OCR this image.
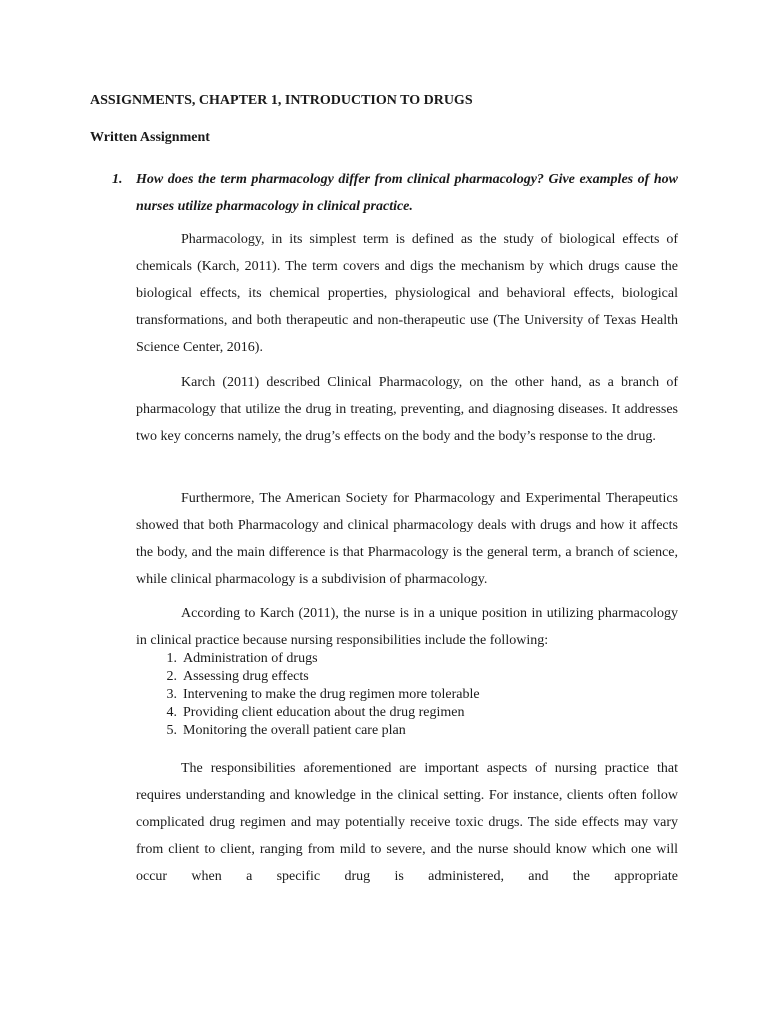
ASSIGNMENTS, CHAPTER 1, INTRODUCTION TO DRUGS
Written Assignment
1. How does the term pharmacology differ from clinical pharmacology? Give examples of how nurses utilize pharmacology in clinical practice.

Pharmacology, in its simplest term is defined as the study of biological effects of chemicals (Karch, 2011). The term covers and digs the mechanism by which drugs cause the biological effects, its chemical properties, physiological and behavioral effects, biological transformations, and both therapeutic and non-therapeutic use (The University of Texas Health Science Center, 2016).

Karch (2011) described Clinical Pharmacology, on the other hand, as a branch of pharmacology that utilize the drug in treating, preventing, and diagnosing diseases. It addresses two key concerns namely, the drug’s effects on the body and the body’s response to the drug.

Furthermore, The American Society for Pharmacology and Experimental Therapeutics showed that both Pharmacology and clinical pharmacology deals with drugs and how it affects the body, and the main difference is that Pharmacology is the general term, a branch of science, while clinical pharmacology is a subdivision of pharmacology.

According to Karch (2011), the nurse is in a unique position in utilizing pharmacology in clinical practice because nursing responsibilities include the following:

1. Administration of drugs
2. Assessing drug effects
3. Intervening to make the drug regimen more tolerable
4. Providing client education about the drug regimen
5. Monitoring the overall patient care plan

The responsibilities aforementioned are important aspects of nursing practice that requires understanding and knowledge in the clinical setting. For instance, clients often follow complicated drug regimen and may potentially receive toxic drugs. The side effects may vary from client to client, ranging from mild to severe, and the nurse should know which one will occur when a specific drug is administered, and the appropriate
